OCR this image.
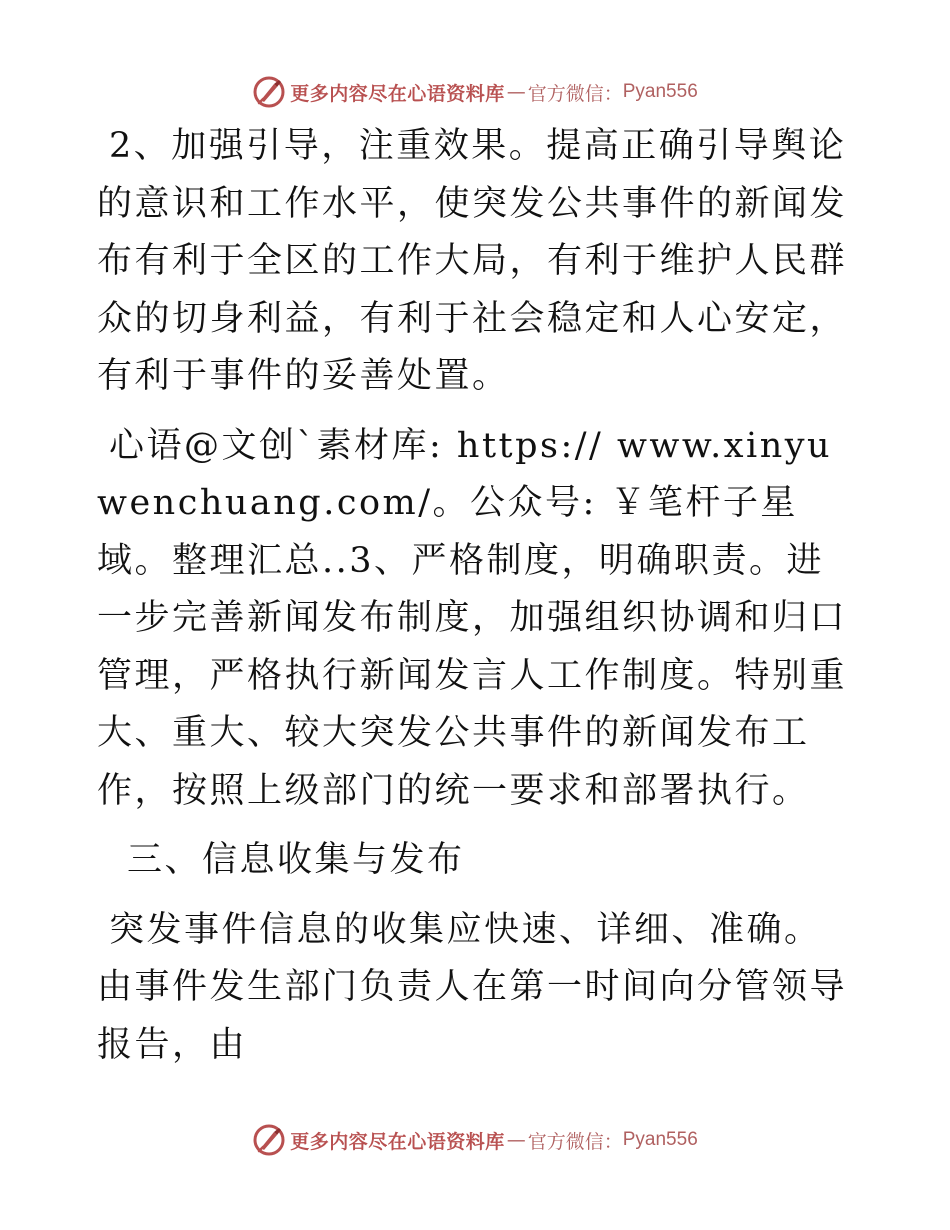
更多内容尽在心语资料库 — 官方微信： Pyan556

2、加强引导，注重效果。提高正确引导舆论的意识和工作水平，使突发公共事件的新闻发布有利于全区的工作大局，有利于维护人民群众的切身利益，有利于社会稳定和人心安定，有利于事件的妥善处置。

心语@文创`素材库: https:// www.xinyuwenchuang.com/。公众号: ￥笔杆子星域。整理汇总..3、严格制度，明确职责。进一步完善新闻发布制度，加强组织协调和归口管理，严格执行新闻发言人工作制度。特别重大、重大、较大突发公共事件的新闻发布工作，按照上级部门的统一要求和部署执行。

三、信息收集与发布

突发事件信息的收集应快速、详细、准确。由事件发生部门负责人在第一时间向分管领导报告，由

更多内容尽在心语资料库 — 官方微信： Pyan556
